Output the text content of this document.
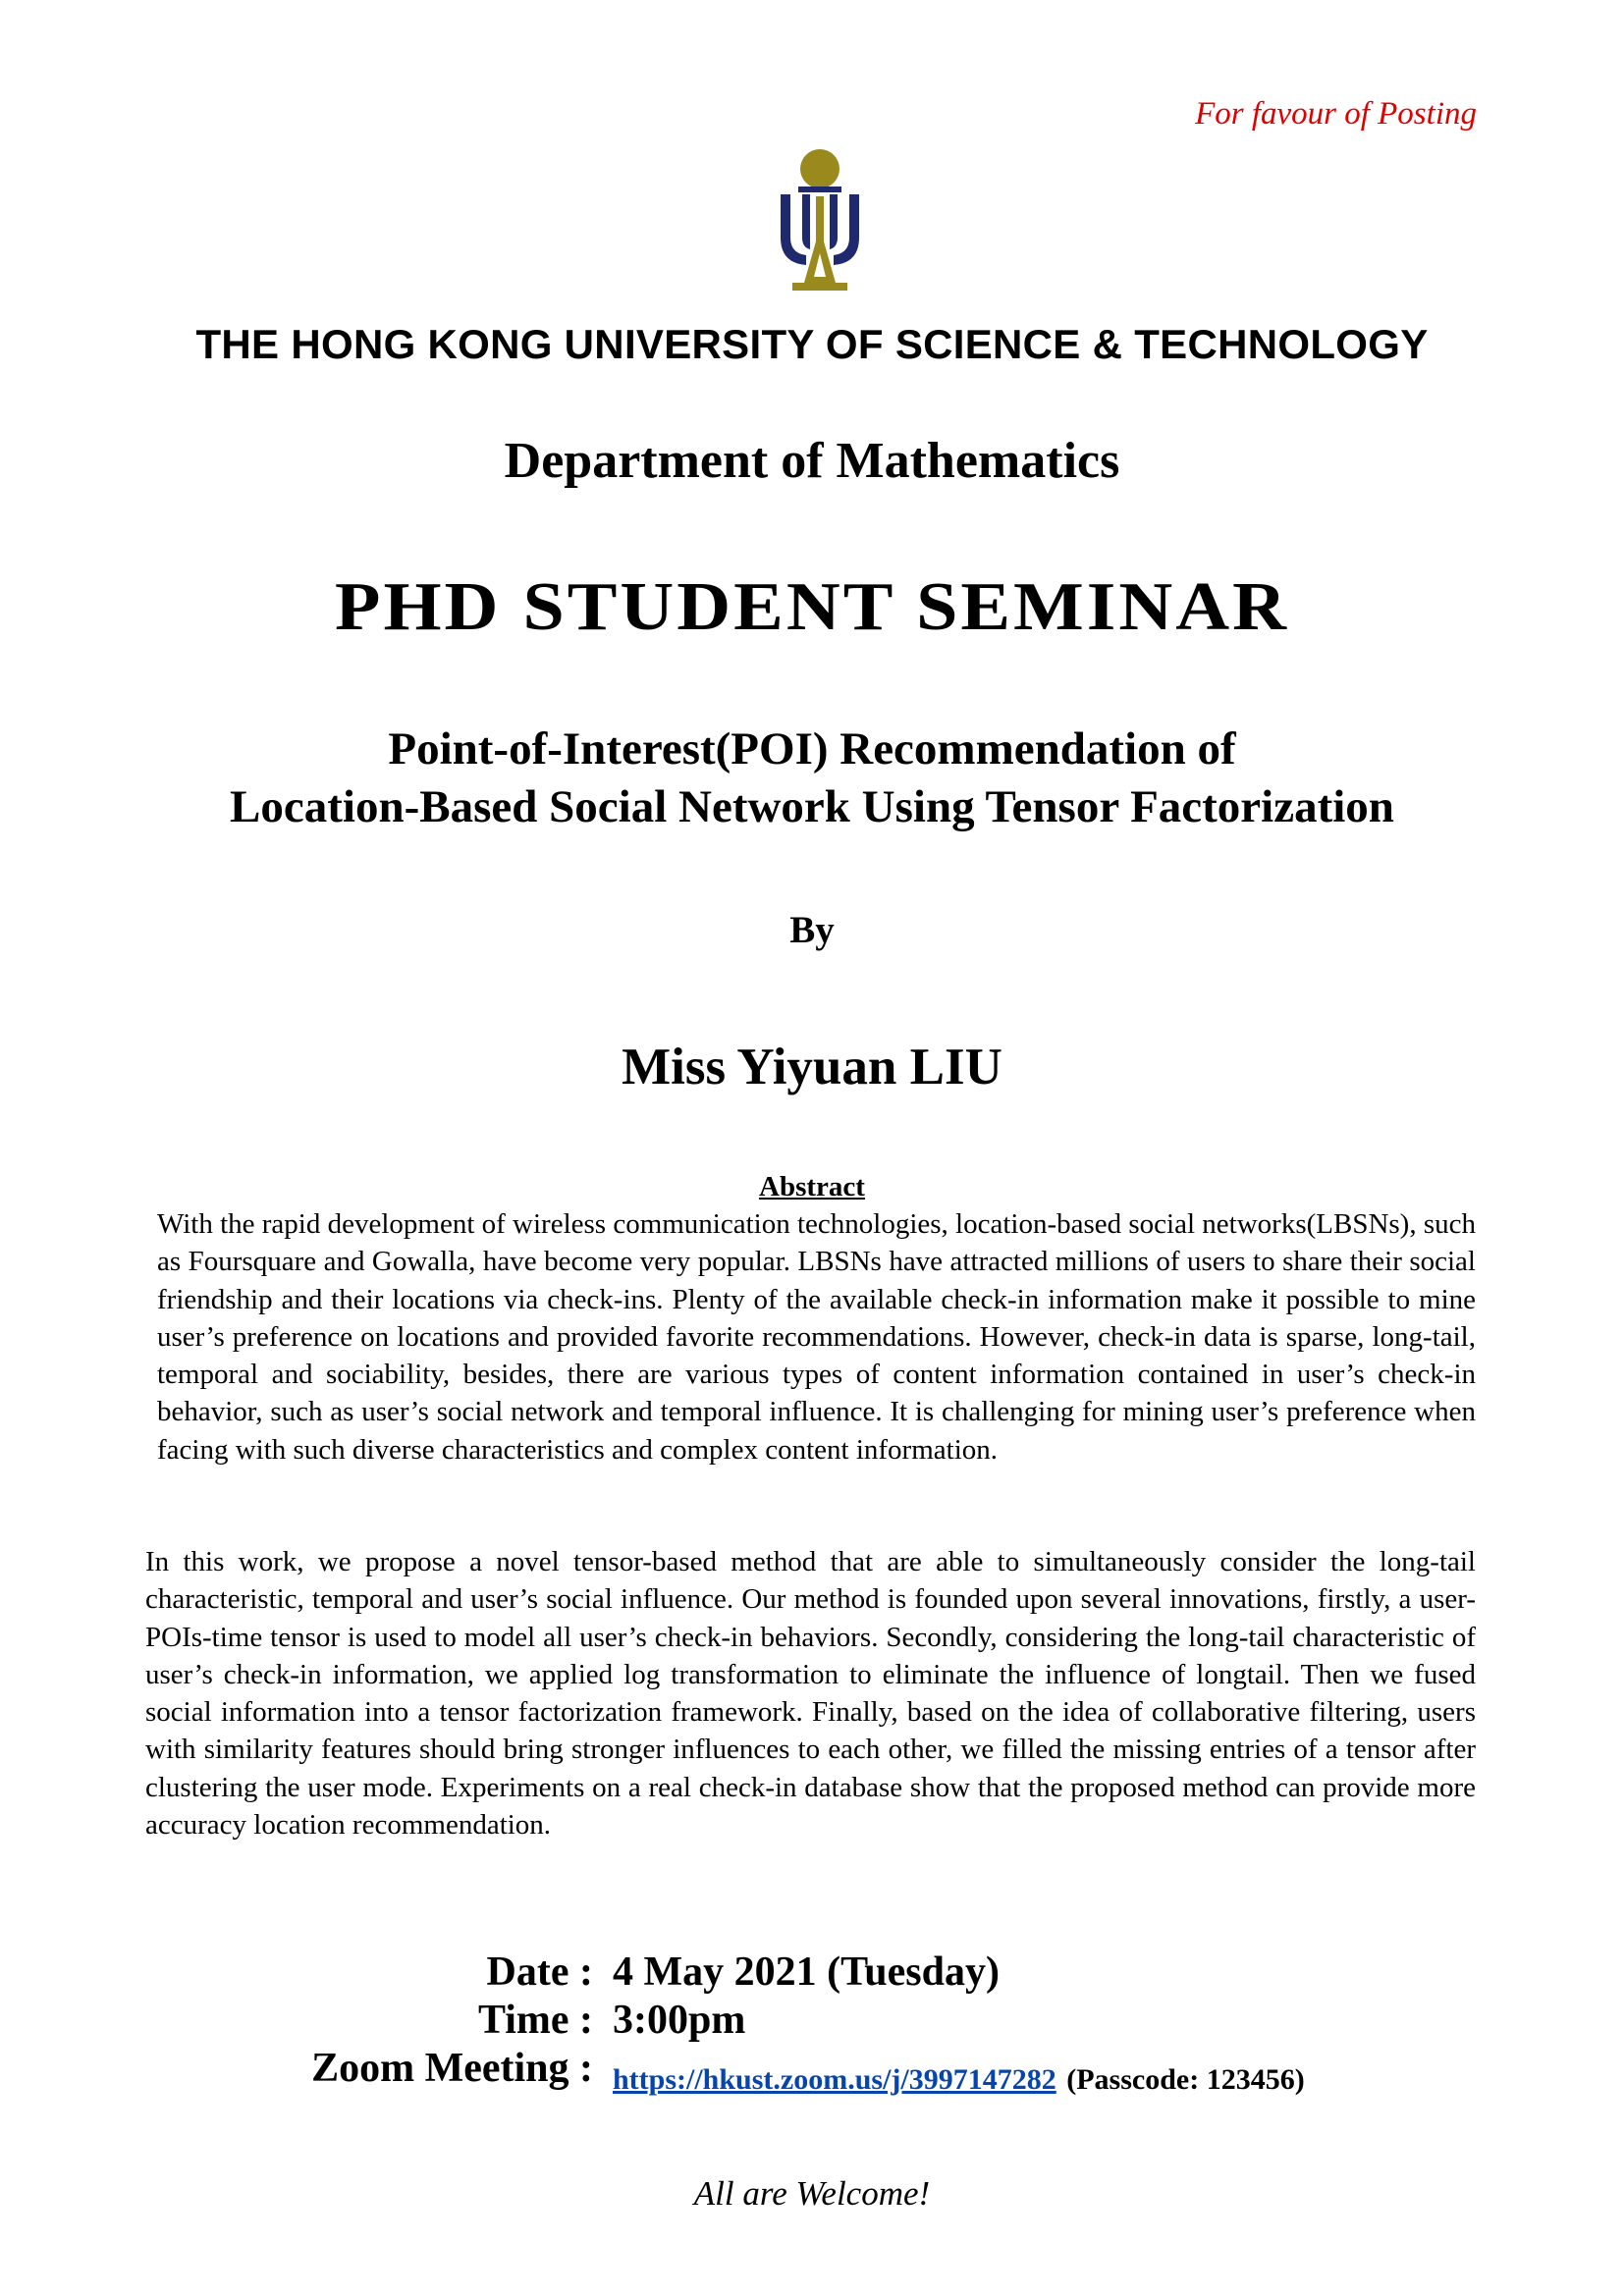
For favour of Posting
THE HONG KONG UNIVERSITY OF SCIENCE & TECHNOLOGY
Department of Mathematics
PHD STUDENT SEMINAR
Point-of-Interest(POI) Recommendation of
Location-Based Social Network Using Tensor Factorization
By
Miss Yiyuan LIU
Abstract
With the rapid development of wireless communication technologies, location-based social networks(LBSNs), such as Foursquare and Gowalla, have become very popular. LBSNs have attracted millions of users to share their social friendship and their locations via check-ins. Plenty of the available check-in information make it possible to mine user’s preference on locations and provided favorite recommendations. However, check-in data is sparse, long-tail, temporal and sociability, besides, there are various types of content information contained in user’s check-in behavior, such as user’s social network and temporal influence. It is challenging for mining user’s preference when facing with such diverse characteristics and complex content information.
In this work, we propose a novel tensor-based method that are able to simultaneously consider the long-tail characteristic, temporal and user’s social influence. Our method is founded upon several innovations, firstly, a user-POIs-time tensor is used to model all user’s check-in behaviors. Secondly, considering the long-tail characteristic of user’s check-in information, we applied log transformation to eliminate the influence of longtail. Then we fused social information into a tensor factorization framework. Finally, based on the idea of collaborative filtering, users with similarity features should bring stronger influences to each other, we filled the missing entries of a tensor after clustering the user mode. Experiments on a real check-in database show that the proposed method can provide more accuracy location recommendation.
Date : 4 May 2021 (Tuesday)
Time : 3:00pm
Zoom Meeting : https://hkust.zoom.us/j/3997147282 (Passcode: 123456)
All are Welcome!
